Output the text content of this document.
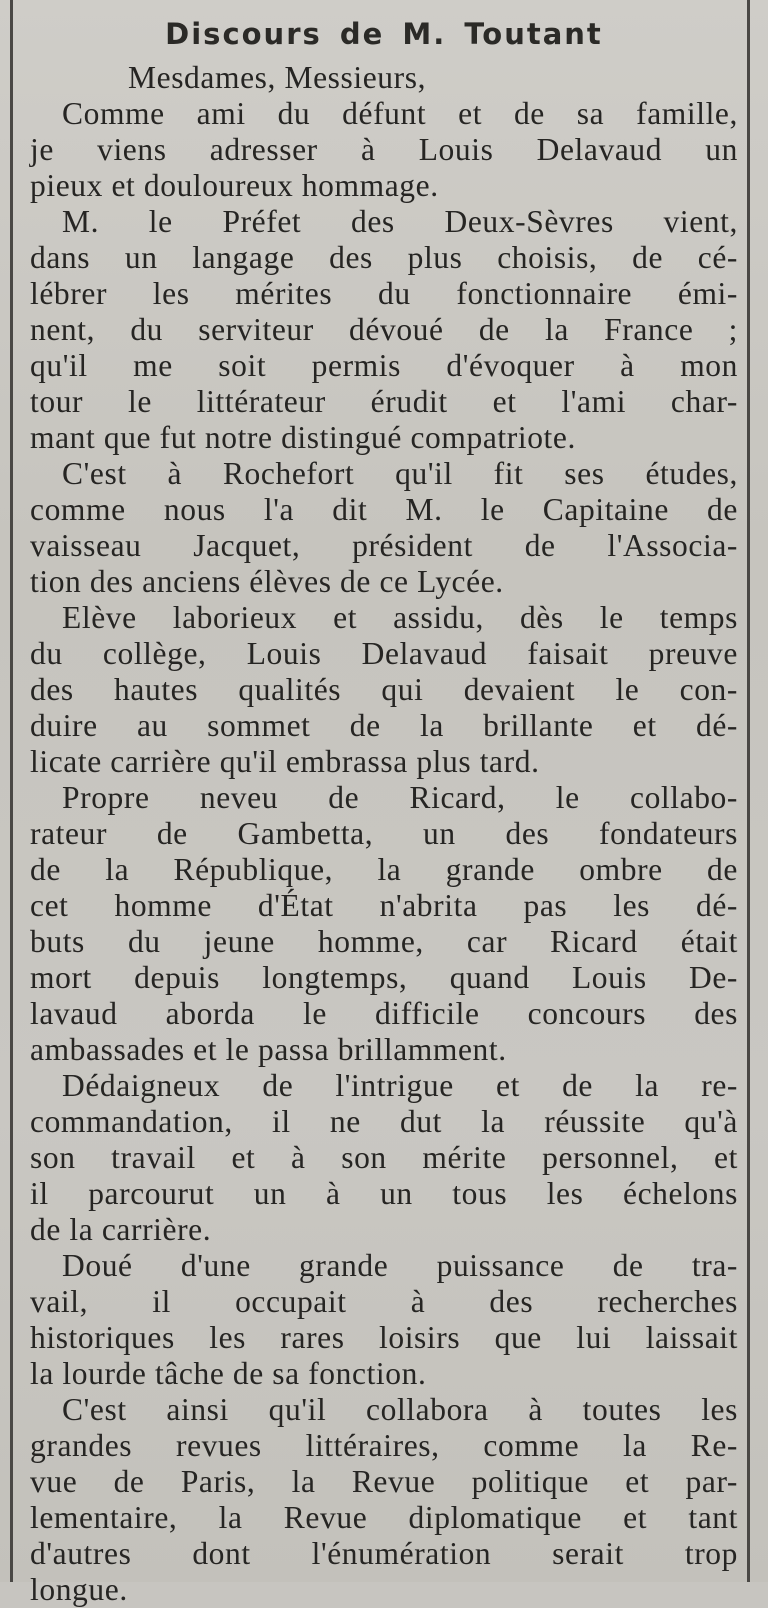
Discours de M. Toutant
Mesdames, Messieurs,
Comme ami du défunt et de sa famille,
je viens adresser à Louis Delavaud un
pieux et douloureux hommage.
M. le Préfet des Deux-Sèvres vient,
dans un langage des plus choisis, de cé-
lébrer les mérites du fonctionnaire émi-
nent, du serviteur dévoué de la France ;
qu'il me soit permis d'évoquer à mon
tour le littérateur érudit et l'ami char-
mant que fut notre distingué compatriote.
C'est à Rochefort qu'il fit ses études,
comme nous l'a dit M. le Capitaine de
vaisseau Jacquet, président de l'Associa-
tion des anciens élèves de ce Lycée.
Elève laborieux et assidu, dès le temps
du collège, Louis Delavaud faisait preuve
des hautes qualités qui devaient le con-
duire au sommet de la brillante et dé-
licate carrière qu'il embrassa plus tard.
Propre neveu de Ricard, le collabo-
rateur de Gambetta, un des fondateurs
de la République, la grande ombre de
cet homme d'État n'abrita pas les dé-
buts du jeune homme, car Ricard était
mort depuis longtemps, quand Louis De-
lavaud aborda le difficile concours des
ambassades et le passa brillamment.
Dédaigneux de l'intrigue et de la re-
commandation, il ne dut la réussite qu'à
son travail et à son mérite personnel, et
il parcourut un à un tous les échelons
de la carrière.
Doué d'une grande puissance de tra-
vail, il occupait à des recherches
historiques les rares loisirs que lui laissait
la lourde tâche de sa fonction.
C'est ainsi qu'il collabora à toutes les
grandes revues littéraires, comme la Re-
vue de Paris, la Revue politique et par-
lementaire, la Revue diplomatique et tant
d'autres dont l'énumération serait trop
longue.
